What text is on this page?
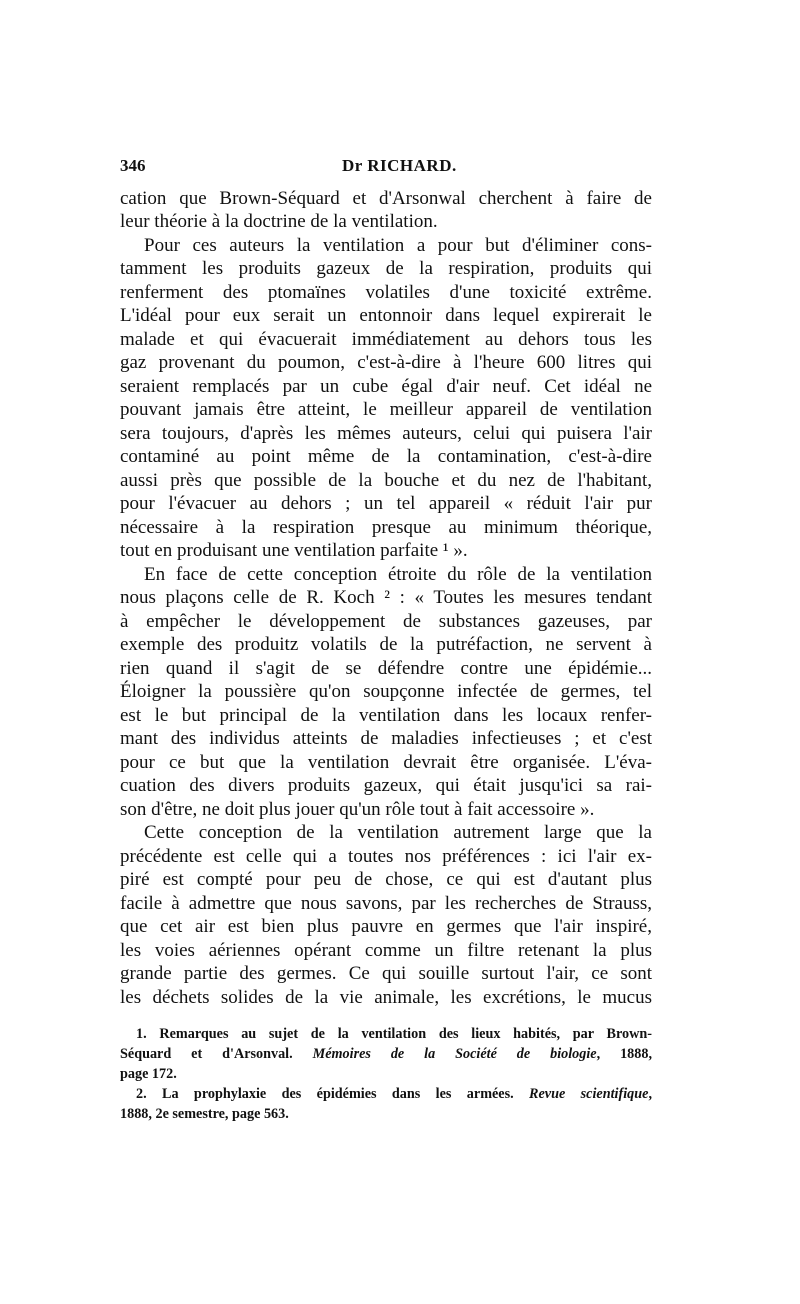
346	Dr RICHARD.
cation que Brown-Séquard et d'Arsonwal cherchent à faire de
leur théorie à la doctrine de la ventilation.
Pour ces auteurs la ventilation a pour but d'éliminer cons-
tamment les produits gazeux de la respiration, produits qui
renferment des ptomaïnes volatiles d'une toxicité extrême.
L'idéal pour eux serait un entonnoir dans lequel expirerait le
malade et qui évacuerait immédiatement au dehors tous les
gaz provenant du poumon, c'est-à-dire à l'heure 600 litres qui
seraient remplacés par un cube égal d'air neuf. Cet idéal ne
pouvant jamais être atteint, le meilleur appareil de ventilation
sera toujours, d'après les mêmes auteurs, celui qui puisera l'air
contaminé au point même de la contamination, c'est-à-dire
aussi près que possible de la bouche et du nez de l'habitant,
pour l'évacuer au dehors ; un tel appareil « réduit l'air pur
nécessaire à la respiration presque au minimum théorique,
tout en produisant une ventilation parfaite ¹ ».
En face de cette conception étroite du rôle de la ventilation
nous plaçons celle de R. Koch ² : « Toutes les mesures tendant
à empêcher le développement de substances gazeuses, par
exemple des produitz volatils de la putréfaction, ne servent à
rien quand il s'agit de se défendre contre une épidémie...
Éloigner la poussière qu'on soupçonne infectée de germes, tel
est le but principal de la ventilation dans les locaux renfer-
mant des individus atteints de maladies infectieuses ; et c'est
pour ce but que la ventilation devrait être organisée. L'éva-
cuation des divers produits gazeux, qui était jusqu'ici sa rai-
son d'être, ne doit plus jouer qu'un rôle tout à fait accessoire ».
Cette conception de la ventilation autrement large que la
précédente est celle qui a toutes nos préférences : ici l'air ex-
piré est compté pour peu de chose, ce qui est d'autant plus
facile à admettre que nous savons, par les recherches de Strauss,
que cet air est bien plus pauvre en germes que l'air inspiré,
les voies aériennes opérant comme un filtre retenant la plus
grande partie des germes. Ce qui souille surtout l'air, ce sont
les déchets solides de la vie animale, les excrétions, le mucus
1. Remarques au sujet de la ventilation des lieux habités, par Brown-
Séquard et d'Arsonval. Mémoires de la Société de biologie, 1888,
page 172.
2. La prophylaxie des épidémies dans les armées. Revue scientifique,
1888, 2e semestre, page 563.
